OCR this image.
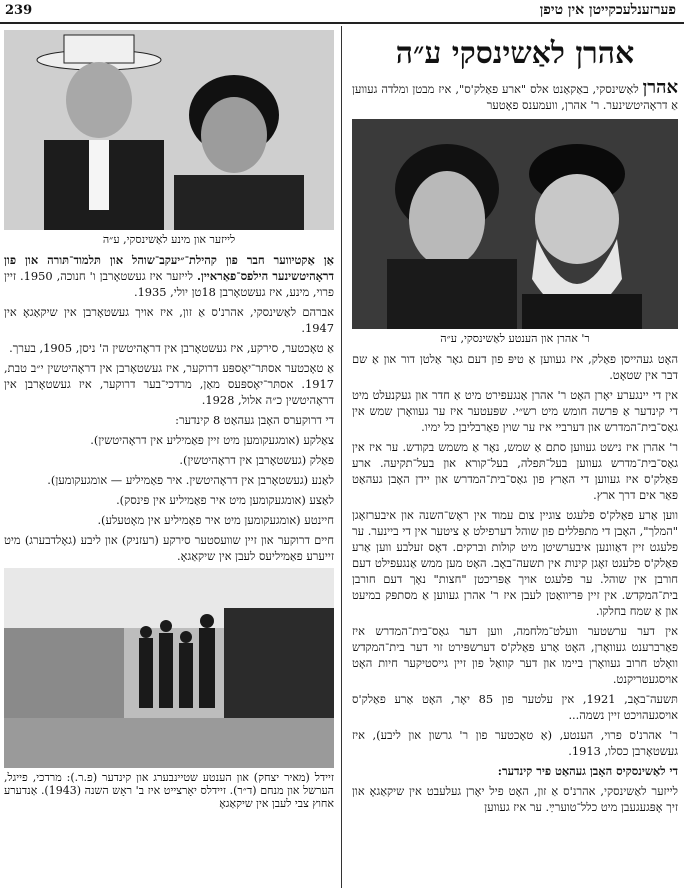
239	פערזענלעכקייטן אין טיפן
אהרן לאַשינסקי ע״ה

אהרן לאַשינסקי, באַקאַנט אלס "ארע פאַלק'ס", איז מבטן ומלדה געווען אַ דראָהיטשינער. ר' אהרן, וועמענס פאָטער

ר' אהרן און הענטע לאַשינסקי, ע״ה

האָט געהייסן פאַלק, איז געווען אַ טיפּ פון דעם גאָר אַלטן דור און אַ שם דבר אין שטאָט.

אין די יינגערע יאָרן האָט ר' אהרן אַנגעפירט מיט אַ חדר און געקנעלט מיט די קינדער אַ פּרשה חומש מיט רש״י. שפּעטער איז ער געוואָרן שמש אין גאַס־בית־המדרש און דערביי איז ער שוין פאַרבליבן כל ימיו.

ר' אהרן איז נישט געווען סתם אַ שמש, נאָר אַ משמש בקודש. ער איז אין גאַס־בית־מדרש געווען בעל־תּפלה, בעל־קורא און בעל־תקיעה. ארע פאַלק'ס איז געווען די האַרץ פון גאַס־בית־המדרש און יידן האָבן געהאַט פאַר אים דרך ארץ.

ווען אַרע פאַלק'ס פלעגט צוגיין צום עמוד אין ראָש־השנה און איבערזאָגן "המלך", האָבן די מתפּללים פון שוהל דערפילט אַ ציטער אין די ביינער. ער פלעגט זיין דאַוונען איבערשיטן מיט קולות וברקים. דאָס זעלבע ווען אַרע פאַלק'ס פלעגט זאָגן קינות אין תשעה־באָב. האָט מען ממש אַנגעפילט דעם חורבן אין שוהל. ער פלעגט אויך אַפּריכטן "חצות" נאָך דעם חורבן בית־המקדש. אין זיין פּריוואַטן לעבן איז ר' אהרן געווען אַ מסתפּק במיעט און אַ שמח בחלקו.

אין דער ערשטער וועלט־מלחמה, ווען דער גאַס־בית־המדרש איז פאַרברענט געוואָרן, האָט אַרע פאַלק'ס דערשפּירט זוי דער בית־המקדש וואָלט חרוב געוואָרן ביימו און דער קוואַל פון זיין גייסטיקער חיות האָט אויסגעטריקנט.

תּשעה־באָב, 1921, אין עלטער פון 85 יאָר, האָט אַרע פאַלק'ס אויסגעהויכט זיין נשמה...

ר' אהרנ'ס פרוי, הענטע, (אַ טאָכטער פון ר' גרשון און ליבע), איז געשטאָרבן כסלו, 1913.

די לאַשינסקיס האָבן געהאַט פיר קינדער:

לייזער לאַשינסקי, אהרנ'ס אַ זון, האָט פיל יאָרן געלעבט אין שיקאַגאָ און זיך אָפּגעגעבן מיט כלל־טוערײַ. ער איז געווען

לייזער און מינע לאַשינסקי, ע״ה

אַן אַקטיווער חבר פון קהילת־״יעקב־שוהל און תּלמוד־תּורה און פון דראָהיטשינער הילפס־פאַראיין. לייזער איז געשטאָרבן ו' חנוכה, 1950. זיין פרוי, מינע, איז געשטאָרבן 18טן יולי, 1935.

אברהם לאַשינסקי, אהרנ'ס אַ זון, איז אויך געשטאָרבן אין שיקאַגאָ אין 1947.

אַ טאָכטער, סירקע, איז געשטאָרבן אין דראָהיטשין ה' ניסן, 1905, בערך.

אַ טאָכטער אסתּר־יאָספּע דרוקער, איז געשטאָרבן אין דראָהיטשין י״ב טבת, 1917. אסתּר־יאָספּעס מאַן, מרדכי־בער דרוקער, איז געשטאָרבן אין דראָהיטשין כ״ה אלול, 1928.

די דרוקערס האָבן געהאַט 8 קינדער:

צאַלקע (אומגעקומען מיט זיין פאַמיליע אין דראָהיטשין).

פאַלק (געשטאָרבן אין דראָהיטשין).

לאַנע (געשטאָרבן אין דראָהיטשין. איר פאַמיליע — אומגעקומען).

לאַצע (אומגעקומען מיט איר פאַמיליע אין פּינסק).

חיינטע (אומגעקומען מיט איר פאַמיליע אין מאָטעלע).

חיים דרוקער און זיין שוועסטער סירקע (רעזניק) און ליבע (גאָלדבערג) מיט זייערע פאַמיליעס לעבן אין שיקאַגאָ.

זיידל (מאיר יצחק) און הענטע שטיינבערג און קינדער (פ.ר.): מרדכי, פייגל, הערשל און מנחם (ד״ר). זיידלס יאָרצייט איז ב' ראָש השנה (1943). אַנדערע אחוץ צבי לעבן אין שיקאַגאָ
